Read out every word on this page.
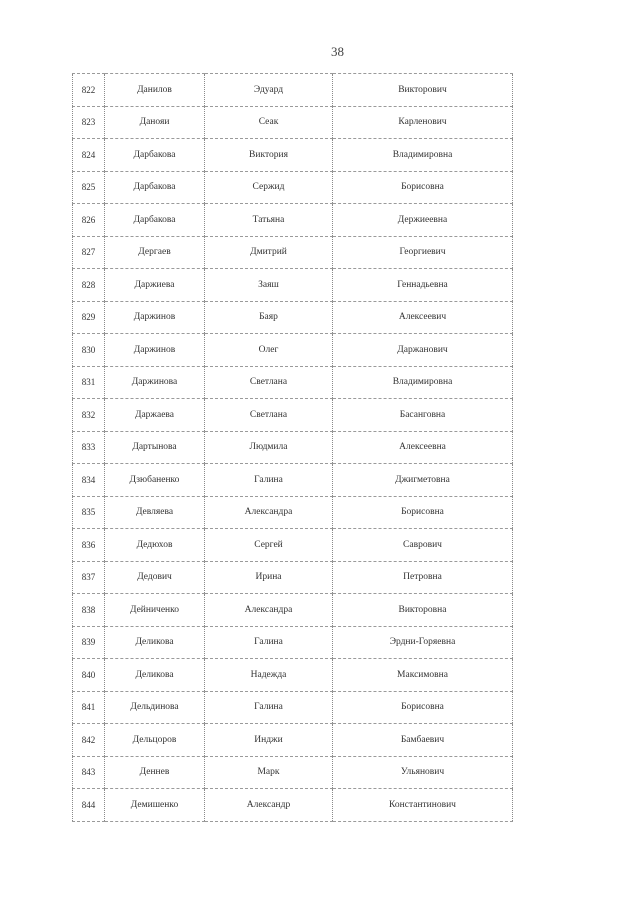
38
822	Данилов	Эдуард	Викторович
823	Данояи	Сеак	Карленович
824	Дарбакова	Виктория	Владимировна
825	Дарбакова	Сержид	Борисовна
826	Дарбакова	Татьяна	Держиеевна
827	Дергаев	Дмитрий	Георгиевич
828	Даржиева	Заяш	Геннадьевна
829	Даржинов	Баяр	Алексеевич
830	Даржинов	Олег	Даржанович
831	Даржинова	Светлана	Владимировна
832	Даржаева	Светлана	Басанговна
833	Дартынова	Людмила	Алексеевна
834	Дзюбаненко	Галина	Джигметовна
835	Девляева	Александра	Борисовна
836	Дедюхов	Сергей	Саврович
837	Дедович	Ирина	Петровна
838	Дейниченко	Александра	Викторовна
839	Деликова	Галина	Эрдни-Горяевна
840	Деликова	Надежда	Максимовна
841	Дельдинова	Галина	Борисовна
842	Дельцоров	Инджи	Бамбаевич
843	Деннев	Марк	Ульянович
844	Демишенко	Александр	Константинович
